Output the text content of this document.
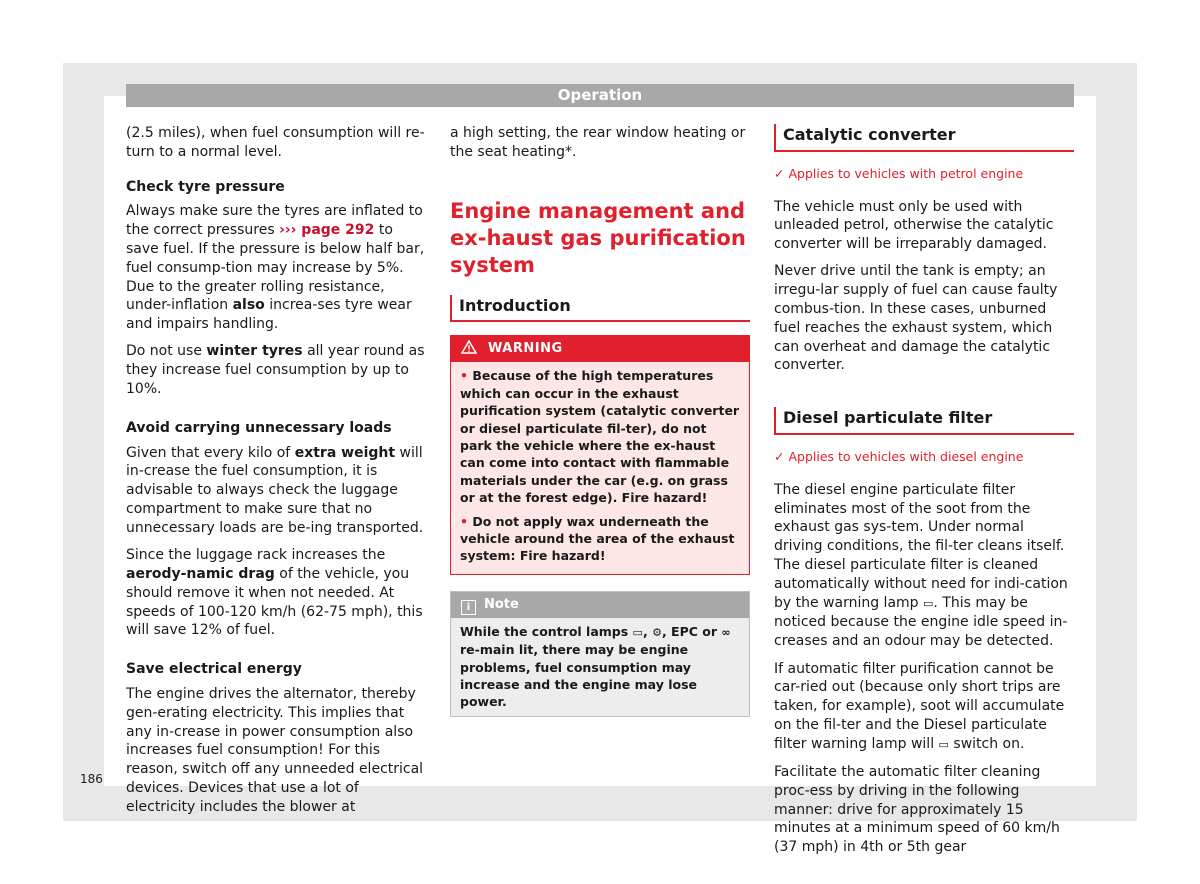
Operation

(2.5 miles), when fuel consumption will re-turn to a normal level.

Check tyre pressure

Always make sure the tyres are inflated to the correct pressures ››› page 292 to save fuel. If the pressure is below half bar, fuel consump-tion may increase by 5%. Due to the greater rolling resistance, under-inflation also increa-ses tyre wear and impairs handling.

Do not use winter tyres all year round as they increase fuel consumption by up to 10%.

Avoid carrying unnecessary loads

Given that every kilo of extra weight will in-crease the fuel consumption, it is advisable to always check the luggage compartment to make sure that no unnecessary loads are be-ing transported.

Since the luggage rack increases the aerody-namic drag of the vehicle, you should remove it when not needed. At speeds of 100-120 km/h (62-75 mph), this will save 12% of fuel.

Save electrical energy

The engine drives the alternator, thereby gen-erating electricity. This implies that any in-crease in power consumption also increases fuel consumption! For this reason, switch off any unneeded electrical devices. Devices that use a lot of electricity includes the blower at

a high setting, the rear window heating or the seat heating*.

Engine management and ex-haust gas purification system
Introduction
WARNING

• Because of the high temperatures which can occur in the exhaust purification system (catalytic converter or diesel particulate fil-ter), do not park the vehicle where the ex-haust can come into contact with flammable materials under the car (e.g. on grass or at the forest edge). Fire hazard!

• Do not apply wax underneath the vehicle around the area of the exhaust system: Fire hazard!

i Note
While the control lamps ▭, ⚙, EPC or ∞ re-main lit, there may be engine problems, fuel consumption may increase and the engine may lose power.
Catalytic converter
✓ Applies to vehicles with petrol engine

The vehicle must only be used with unleaded petrol, otherwise the catalytic converter will be irreparably damaged.

Never drive until the tank is empty; an irregu-lar supply of fuel can cause faulty combus-tion. In these cases, unburned fuel reaches the exhaust system, which can overheat and damage the catalytic converter.

Diesel particulate filter
✓ Applies to vehicles with diesel engine

The diesel engine particulate filter eliminates most of the soot from the exhaust gas sys-tem. Under normal driving conditions, the fil-ter cleans itself. The diesel particulate filter is cleaned automatically without need for indi-cation by the warning lamp ▭. This may be noticed because the engine idle speed in-creases and an odour may be detected.

If automatic filter purification cannot be car-ried out (because only short trips are taken, for example), soot will accumulate on the fil-ter and the Diesel particulate filter warning lamp will ▭ switch on.

Facilitate the automatic filter cleaning proc-ess by driving in the following manner: drive for approximately 15 minutes at a minimum speed of 60 km/h (37 mph) in 4th or 5th gear

186
